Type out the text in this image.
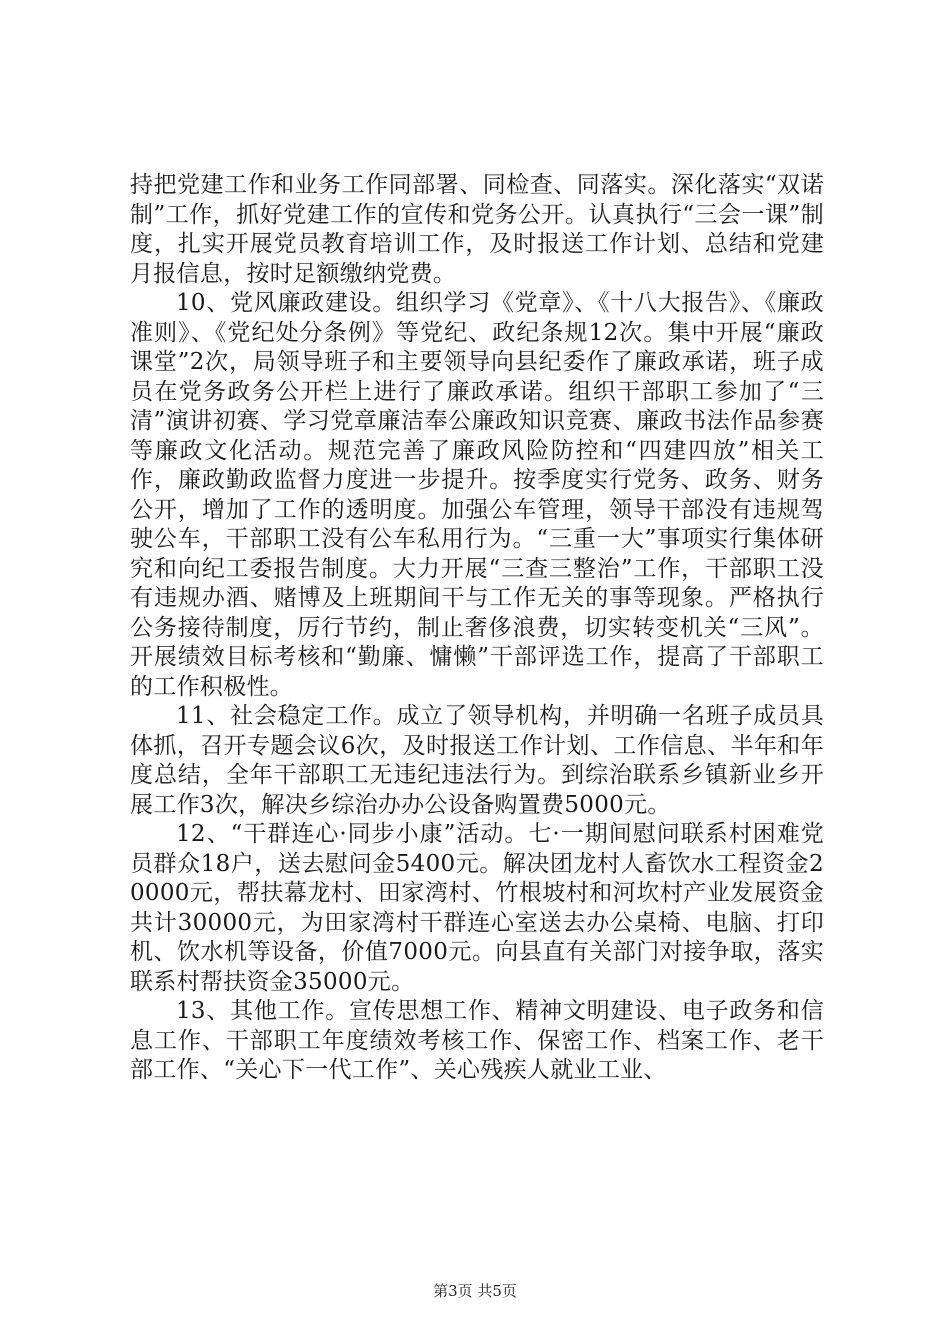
持把党建工作和业务工作同部署、同检查、同落实。深化落实“双诺制”工作，抓好党建工作的宣传和党务公开。认真执行“三会一课”制度，扎实开展党员教育培训工作，及时报送工作计划、总结和党建月报信息，按时足额缴纳党费。

10、党风廉政建设。组织学习《党章》、《十八大报告》、《廉政准则》、《党纪处分条例》等党纪、政纪条规12次。集中开展“廉政课堂”2次，局领导班子和主要领导向县纪委作了廉政承诺，班子成员在党务政务公开栏上进行了廉政承诺。组织干部职工参加了“三清”演讲初赛、学习党章廉洁奉公廉政知识竞赛、廉政书法作品参赛等廉政文化活动。规范完善了廉政风险防控和“四建四放”相关工作，廉政勤政监督力度进一步提升。按季度实行党务、政务、财务公开，增加了工作的透明度。加强公车管理，领导干部没有违规驾驶公车，干部职工没有公车私用行为。“三重一大”事项实行集体研究和向纪工委报告制度。大力开展“三查三整治”工作，干部职工没有违规办酒、赌博及上班期间干与工作无关的事等现象。严格执行公务接待制度，厉行节约，制止奢侈浪费，切实转变机关“三风”。开展绩效目标考核和“勤廉、慵懒”干部评选工作，提高了干部职工的工作积极性。

11、社会稳定工作。成立了领导机构，并明确一名班子成员具体抓，召开专题会议6次，及时报送工作计划、工作信息、半年和年度总结，全年干部职工无违纪违法行为。到综治联系乡镇新业乡开展工作3次，解决乡综治办办公设备购置费5000元。

12、“干群连心·同步小康”活动。七·一期间慰问联系村困难党员群众18户，送去慰问金5400元。解决团龙村人畜饮水工程资金20000元，帮扶幕龙村、田家湾村、竹根坡村和河坎村产业发展资金共计30000元，为田家湾村干群连心室送去办公桌椅、电脑、打印机、饮水机等设备，价值7000元。向县直有关部门对接争取，落实联系村帮扶资金35000元。

13、其他工作。宣传思想工作、精神文明建设、电子政务和信息工作、干部职工年度绩效考核工作、保密工作、档案工作、老干部工作、“关心下一代工作”、关心残疾人就业工业、

第3页 共5页
